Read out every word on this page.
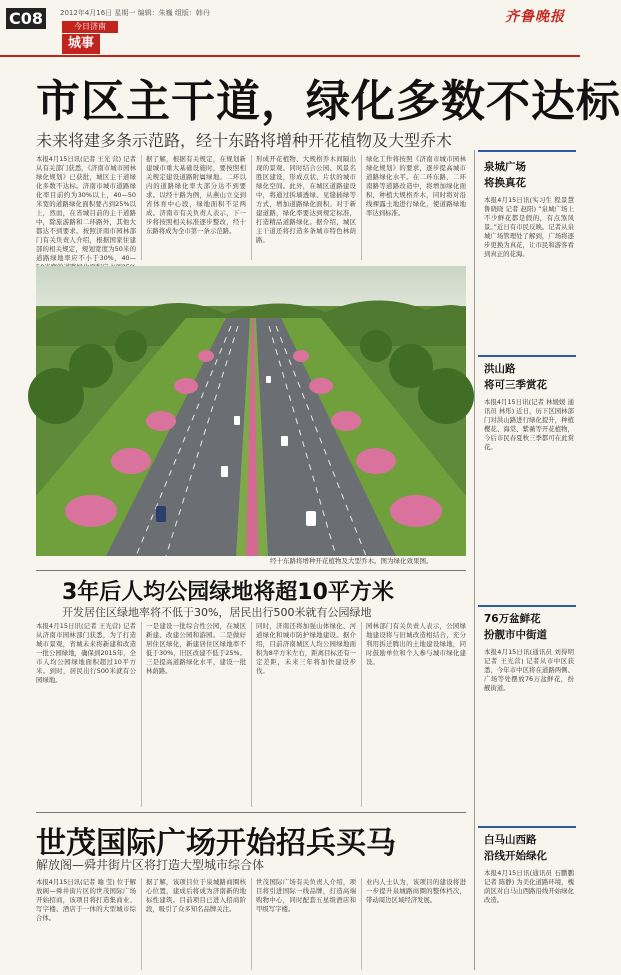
C08	2012年4月16日 星期一 编辑：朱巍 组版：韩丹
今日济南
城事
齐鲁晚报
市区主干道，绿化多数不达标
未来将建多条示范路，经十东路将增种开花植物及大型乔木
本报4月15日讯(记者 王光 营) 记者从有关部门获悉，《济南市城市园林绿化规划》已获批，城区主干道绿化多数不达标。济南市城市道路绿化率目前约为30%以上，40—50米宽的道路绿化面积要占到25%以上，然而，在省城目前的主干道路中，除旅游路和二环路外，其他大都达不到要求。按照济南市园林部门有关负责人介绍，根据国家住建部的相关规定，规划宽度为50米的道路绿地率应不小于30%，40—
据了解，根据有关规定，在规划新建城市重大基础设施时，要按照相关规定建设道路附属绿地。二环以内的道路绿化率大部分达不到要求。以经十路为例，从燕山立交到省体育中心段，绿地面积不足两成。济南市有关负责人表示，下一步将按照相关标准逐步整改，经十东路将成为全市第一条示范路。
形成开花植物、大规格乔木间隔出现的景观。同时结合公园、风景名胜区建设，形成点状、片状的城市绿化空间。此外，在城区道路建设中，将通过拆墙透绿、见缝插绿等方式，增加道路绿化面积。对于新建道路，绿化率要达到规定标准，打造精品道路绿化。据介绍，城区主干道还将打造多条城市特色林荫路。
绿化工作将按照《济南市城市园林绿化规划》的要求，逐步提高城市道路绿化水平。在二环东路、二环南路等道路改造中，将增加绿化面积，种植大规格乔木，同时将对沿线裸露土地进行绿化，使道路绿地率达到标准。
经十东路将增种开花植物及大型乔木。图为绿化效果图。
3年后人均公园绿地将超10平方米
开发居住区绿地率将不低于30%，居民出行500米就有公园绿地
本报4月15日讯(记者 王光营) 记者从济南市园林部门获悉，为了打造城市景观，省城未来将新建和改造一批公园绿地，确保到2015年，全市人均公园绿地面积超过10平方米。到时，居民出行500米就有公园绿地。
一是建设一批综合性公园，在城区新建、改建公园和游园。二是做好居住区绿化，新建居住区绿地率不低于30%，旧区改建不低于25%。三是提高道路绿化水平，建设一批林荫路。
同时，济南还将加强山体绿化、河道绿化和城市防护绿地建设。据介绍，目前济南城区人均公园绿地面积为8平方米左右，距离目标还有一定差距，未来三年将加快建设步伐。
园林部门有关负责人表示，公园绿地建设将与旧城改造相结合，充分利用拆迁腾出的土地建设绿地，同时鼓励单位和个人参与城市绿化建设。
世茂国际广场开始招兵买马
解放阁—舜井街片区将打造大型城市综合体
本报4月15日讯(记者 喻 莹) 位于解放阁—舜井街片区的世茂国际广场开始招商，该项目将打造集商业、写字楼、酒店于一体的大型城市综合体。
据了解，该项目位于泉城路商圈核心位置，建成后将成为济南新的地标性建筑。目前项目已进入招商阶段，吸引了众多知名品牌关注。
世茂国际广场有关负责人介绍，项目将引进国际一线品牌，打造高端购物中心，同时配套五星级酒店和甲级写字楼。
业内人士认为，该项目的建设将进一步提升泉城路商圈的整体档次，带动周边区域经济发展。
泉城广场
将换真花
本报4月15日讯(实习生 程景慧 鲁晓晓 记者 赵阳) “泉城广场上不少鲜花都是假的，有点煞风景。”近日有市民反映。记者从泉城广场管理处了解到，广场将逐步更换为真花，让市民和游客看到真正的花海。
洪山路
将可三季赏花
本报4月15日讯(记者 林媛媛 通讯员 林彤) 近日，历下区园林部门对洪山路进行绿化提升，种植樱花、海棠、紫薇等开花植物，今后市民春夏秋三季都可在此赏花。
76万盆鲜花
扮靓市中街道
本报4月15日讯(通讯员 刘得明 记者 王光营) 记者从市中区获悉，今年市中区将在道路两侧、广场等处摆放76万盆鲜花，扮靓街道。
白马山西路
沿线开始绿化
本报4月15日讯(通讯员 石鹏鹏 记者 陈静) 为美化道路环境，槐荫区对白马山西路沿线开始绿化改造。
